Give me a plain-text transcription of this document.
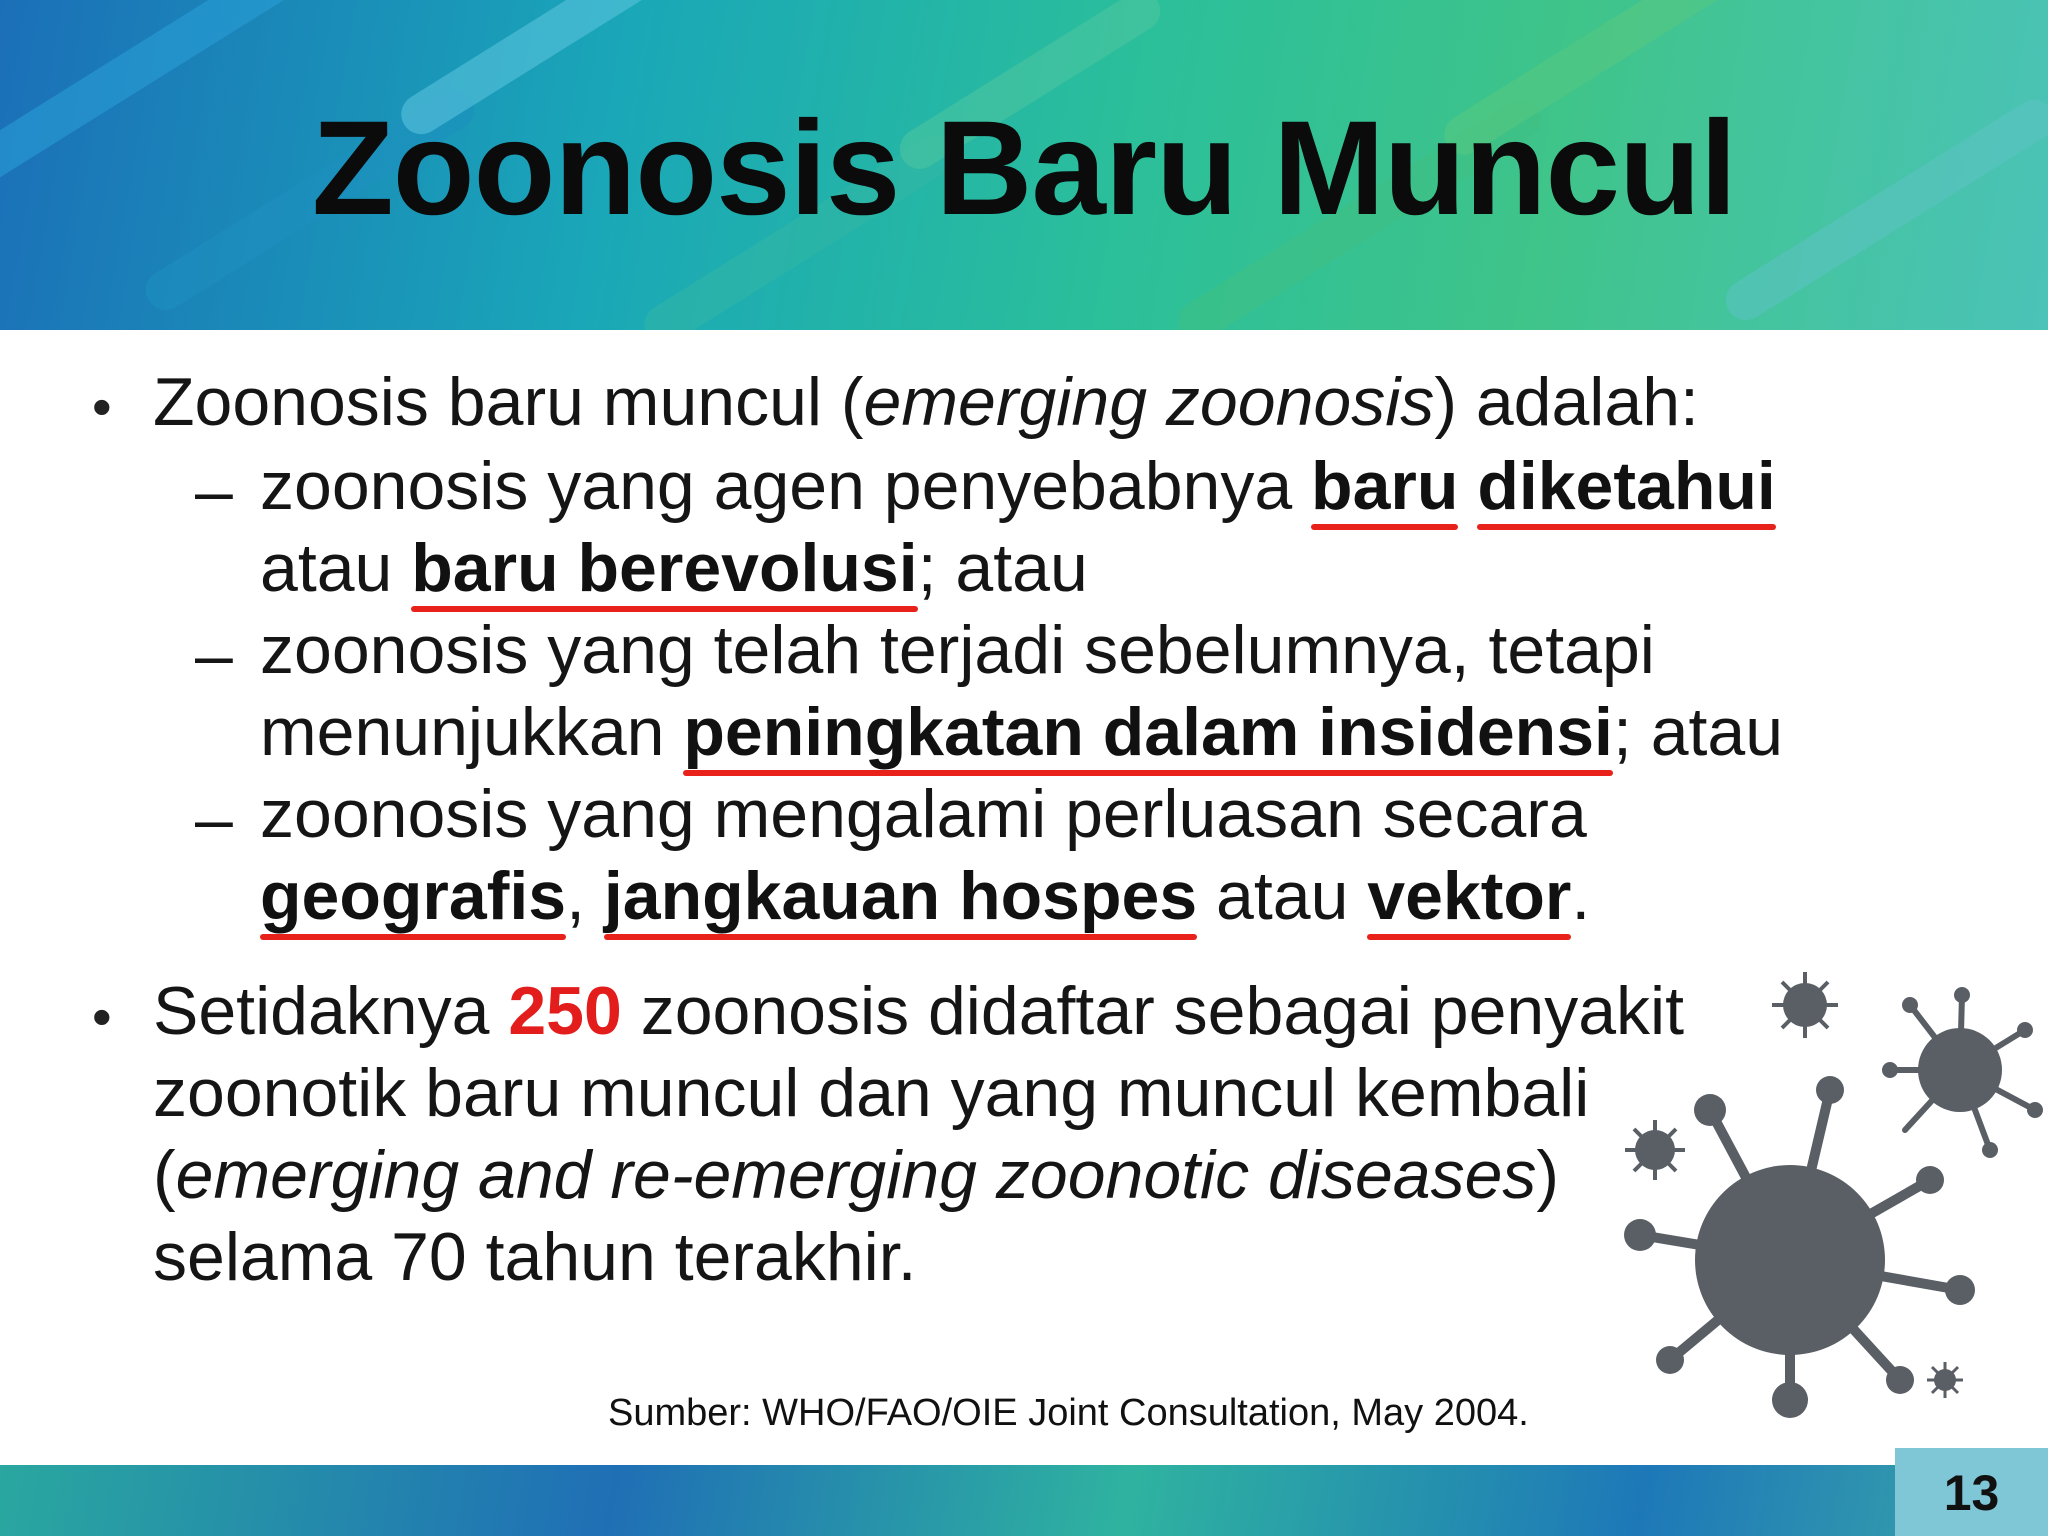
Zoonosis Baru Muncul
• Zoonosis baru muncul (emerging zoonosis) adalah:
– zoonosis yang agen penyebabnya baru diketahui
atau baru berevolusi; atau
– zoonosis yang telah terjadi sebelumnya, tetapi
menunjukkan peningkatan dalam insidensi; atau
– zoonosis yang mengalami perluasan secara
geografis, jangkauan hospes atau vektor.
• Setidaknya 250 zoonosis didaftar sebagai penyakit
zoonotik baru muncul dan yang muncul kembali
(emerging and re-emerging zoonotic diseases)
selama 70 tahun terakhir.
Sumber: WHO/FAO/OIE Joint Consultation, May 2004.
13
